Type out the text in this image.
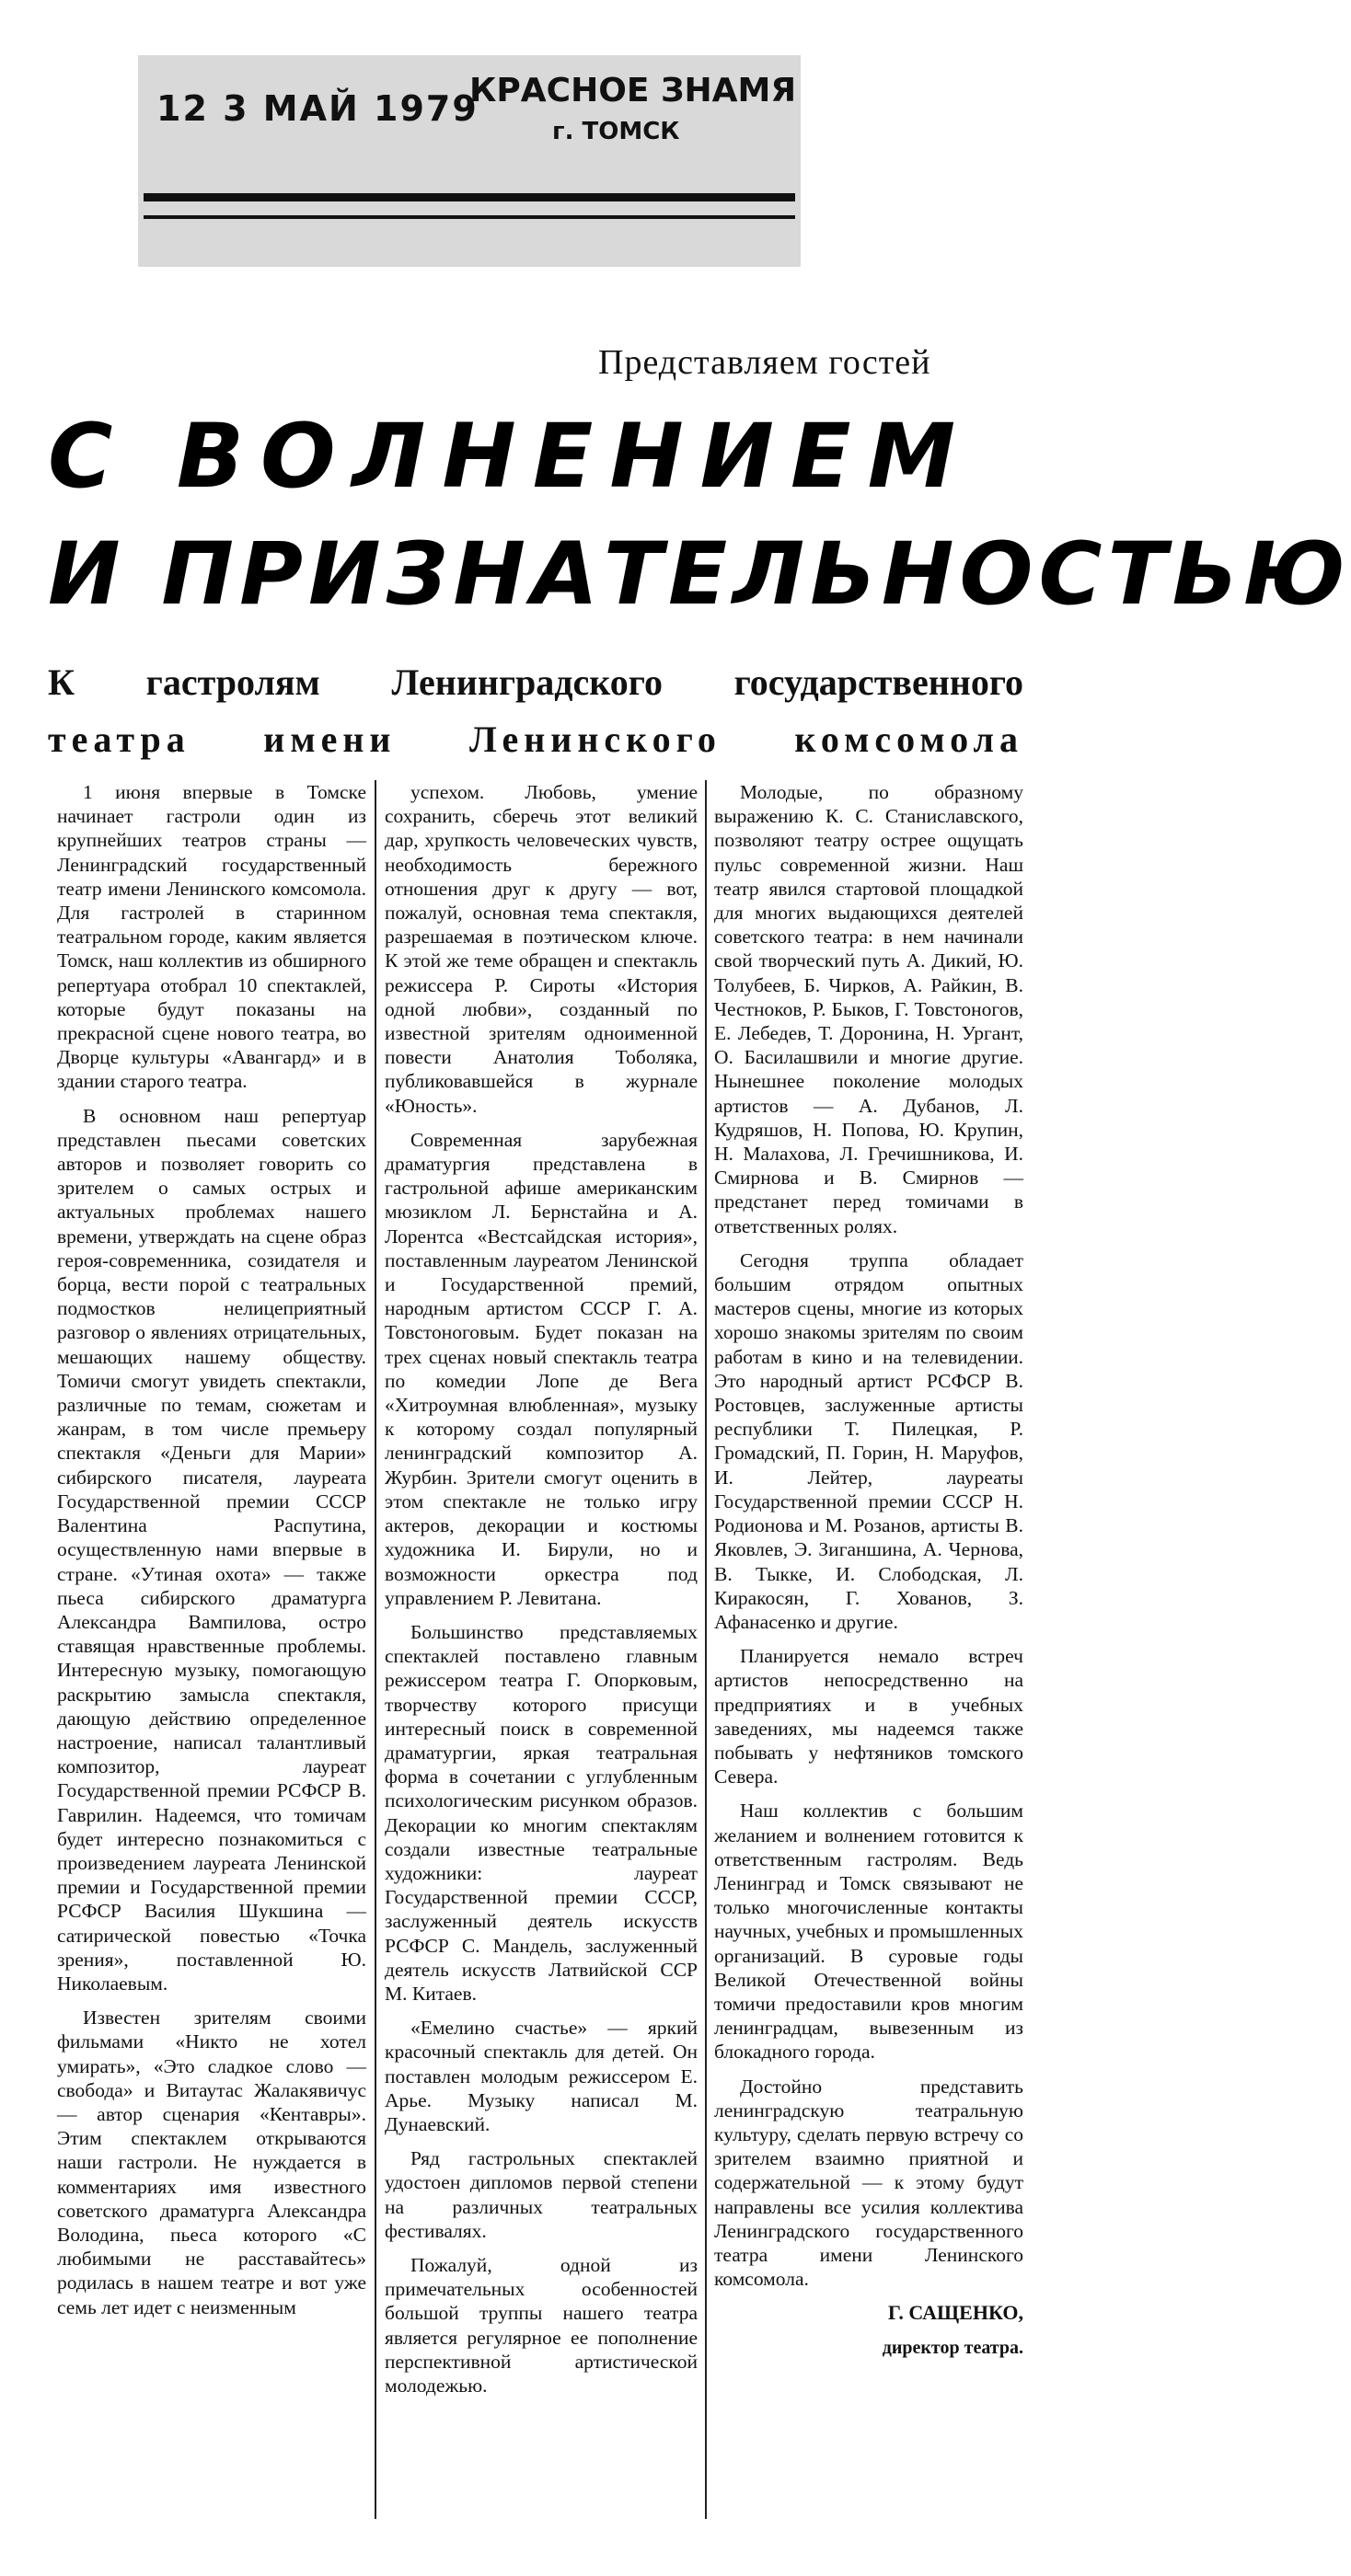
12 3 МАЙ 1979
КРАСНОЕ ЗНАМЯ
г. ТОМСК
Представляем гостей
С ВОЛНЕНИЕМ
И ПРИЗНАТЕЛЬНОСТЬЮ
К гастролям Ленинградского государственного
театра имени Ленинского комсомола

1 июня впервые в Томске начинает гастроли один из крупнейших театров страны — Ленинградский государственный театр имени Ленинского комсомола. Для гастролей в старинном театральном городе, каким является Томск, наш коллектив из обширного репертуара отобрал 10 спектаклей, которые будут показаны на прекрасной сцене нового театра, во Дворце культуры «Авангард» и в здании старого театра.

В основном наш репертуар представлен пьесами советских авторов и позволяет говорить со зрителем о самых острых и актуальных проблемах нашего времени, утверждать на сцене образ героя-современника, созидателя и борца, вести порой с театральных подмостков нелицеприятный разговор о явлениях отрицательных, мешающих нашему обществу. Томичи смогут увидеть спектакли, различные по темам, сюжетам и жанрам, в том числе премьеру спектакля «Деньги для Марии» сибирского писателя, лауреата Государственной премии СССР Валентина Распутина, осуществленную нами впервые в стране. «Утиная охота» — также пьеса сибирского драматурга Александра Вампилова, остро ставящая нравственные проблемы. Интересную музыку, помогающую раскрытию замысла спектакля, дающую действию определенное настроение, написал талантливый композитор, лауреат Государственной премии РСФСР В. Гаврилин. Надеемся, что томичам будет интересно познакомиться с произведением лауреата Ленинской премии и Государственной премии РСФСР Василия Шукшина — сатирической повестью «Точка зрения», поставленной Ю. Николаевым.

Известен зрителям своими фильмами «Никто не хотел умирать», «Это сладкое слово — свобода» и Витаутас Жалакявичус — автор сценария «Кентавры». Этим спектаклем открываются наши гастроли. Не нуждается в комментариях имя известного советского драматурга Александра Володина, пьеса которого «С любимыми не расставайтесь» родилась в нашем театре и вот уже семь лет идет с неизменным

успехом. Любовь, умение сохранить, сберечь этот великий дар, хрупкость человеческих чувств, необходимость бережного отношения друг к другу — вот, пожалуй, основная тема спектакля, разрешаемая в поэтическом ключе. К этой же теме обращен и спектакль режиссера Р. Сироты «История одной любви», созданный по известной зрителям одноименной повести Анатолия Тоболяка, публиковавшейся в журнале «Юность».

Современная зарубежная драматургия представлена в гастрольной афише американским мюзиклом Л. Бернстайна и А. Лорентса «Вестсайдская история», поставленным лауреатом Ленинской и Государственной премий, народным артистом СССР Г. А. Товстоноговым. Будет показан на трех сценах новый спектакль театра по комедии Лопе де Вега «Хитроумная влюбленная», музыку к которому создал популярный ленинградский композитор А. Журбин. Зрители смогут оценить в этом спектакле не только игру актеров, декорации и костюмы художника И. Бирули, но и возможности оркестра под управлением Р. Левитана.

Большинство представляемых спектаклей поставлено главным режиссером театра Г. Опорковым, творчеству которого присущи интересный поиск в современной драматургии, яркая театральная форма в сочетании с углубленным психологическим рисунком образов. Декорации ко многим спектаклям создали известные театральные художники: лауреат Государственной премии СССР, заслуженный деятель искусств РСФСР С. Мандель, заслуженный деятель искусств Латвийской ССР М. Китаев.

«Емелино счастье» — яркий красочный спектакль для детей. Он поставлен молодым режиссером Е. Арье. Музыку написал М. Дунаевский.

Ряд гастрольных спектаклей удостоен дипломов первой степени на различных театральных фестивалях.

Пожалуй, одной из примечательных особенностей большой труппы нашего театра является регулярное ее пополнение перспективной артистической молодежью.

Молодые, по образному выражению К. С. Станиславского, позволяют театру острее ощущать пульс современной жизни. Наш театр явился стартовой площадкой для многих выдающихся деятелей советского театра: в нем начинали свой творческий путь А. Дикий, Ю. Толубеев, Б. Чирков, А. Райкин, В. Честноков, Р. Быков, Г. Товстоногов, Е. Лебедев, Т. Доронина, Н. Ургант, О. Басилашвили и многие другие. Нынешнее поколение молодых артистов — А. Дубанов, Л. Кудряшов, Н. Попова, Ю. Крупин, Н. Малахова, Л. Гречишникова, И. Смирнова и В. Смирнов — предстанет перед томичами в ответственных ролях.

Сегодня труппа обладает большим отрядом опытных мастеров сцены, многие из которых хорошо знакомы зрителям по своим работам в кино и на телевидении. Это народный артист РСФСР В. Ростовцев, заслуженные артисты республики Т. Пилецкая, Р. Громадский, П. Горин, Н. Маруфов, И. Лейтер, лауреаты Государственной премии СССР Н. Родионова и М. Розанов, артисты В. Яковлев, Э. Зиганшина, А. Чернова, В. Тыкке, И. Слободская, Л. Киракосян, Г. Хованов, З. Афанасенко и другие.

Планируется немало встреч артистов непосредственно на предприятиях и в учебных заведениях, мы надеемся также побывать у нефтяников томского Севера.

Наш коллектив с большим желанием и волнением готовится к ответственным гастролям. Ведь Ленинград и Томск связывают не только многочисленные контакты научных, учебных и промышленных организаций. В суровые годы Великой Отечественной войны томичи предоставили кров многим ленинградцам, вывезенным из блокадного города.

Достойно представить ленинградскую театральную культуру, сделать первую встречу со зрителем взаимно приятной и содержательной — к этому будут направлены все усилия коллектива Ленинградского государственного театра имени Ленинского комсомола.

Г. САЩЕНКО,

директор театра.
